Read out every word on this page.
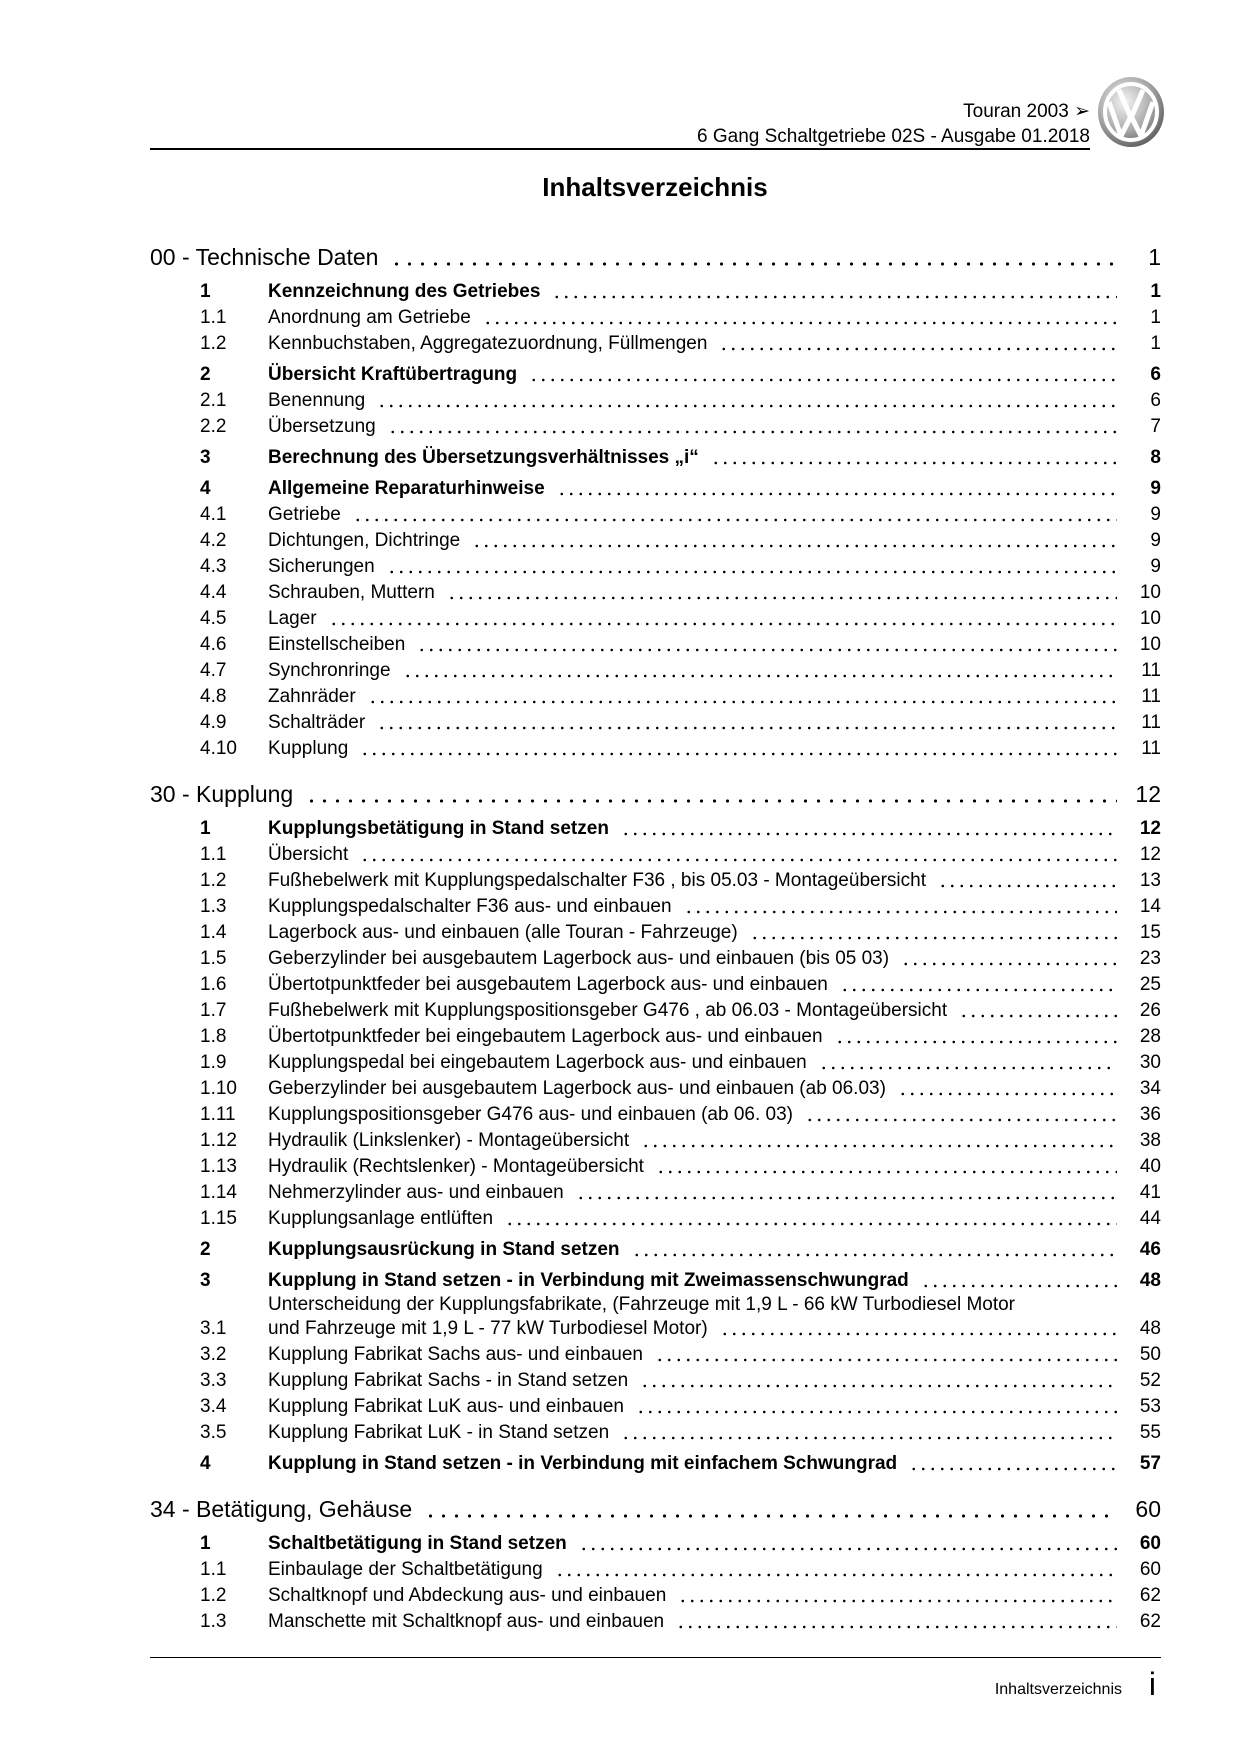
Touran 2003 ➢
6 Gang Schaltgetriebe 02S - Ausgabe 01.2018
Inhaltsverzeichnis
00 - Technische Daten	1
1	Kennzeichnung des Getriebes	1
1.1	Anordnung am Getriebe	1
1.2	Kennbuchstaben, Aggregatezuordnung, Füllmengen	1
2	Übersicht Kraftübertragung	6
2.1	Benennung	6
2.2	Übersetzung	7
3	Berechnung des Übersetzungsverhältnisses „i“	8
4	Allgemeine Reparaturhinweise	9
4.1	Getriebe	9
4.2	Dichtungen, Dichtringe	9
4.3	Sicherungen	9
4.4	Schrauben, Muttern	10
4.5	Lager	10
4.6	Einstellscheiben	10
4.7	Synchronringe	11
4.8	Zahnräder	11
4.9	Schalträder	11
4.10	Kupplung	11
30 - Kupplung	12
1	Kupplungsbetätigung in Stand setzen	12
1.1	Übersicht	12
1.2	Fußhebelwerk mit Kupplungspedalschalter F36 , bis 05.03 - Montageübersicht	13
1.3	Kupplungspedalschalter F36 aus- und einbauen	14
1.4	Lagerbock aus- und einbauen (alle Touran - Fahrzeuge)	15
1.5	Geberzylinder bei ausgebautem Lagerbock aus- und einbauen (bis 05 03)	23
1.6	Übertotpunktfeder bei ausgebautem Lagerbock aus- und einbauen	25
1.7	Fußhebelwerk mit Kupplungspositionsgeber G476 , ab 06.03 - Montageübersicht	26
1.8	Übertotpunktfeder bei eingebautem Lagerbock aus- und einbauen	28
1.9	Kupplungspedal bei eingebautem Lagerbock aus- und einbauen	30
1.10	Geberzylinder bei ausgebautem Lagerbock aus- und einbauen (ab 06.03)	34
1.11	Kupplungspositionsgeber G476 aus- und einbauen (ab 06. 03)	36
1.12	Hydraulik (Linkslenker) - Montageübersicht	38
1.13	Hydraulik (Rechtslenker) - Montageübersicht	40
1.14	Nehmerzylinder aus- und einbauen	41
1.15	Kupplungsanlage entlüften	44
2	Kupplungsausrückung in Stand setzen	46
3	Kupplung in Stand setzen - in Verbindung mit Zweimassenschwungrad	48
3.1
Unterscheidung der Kupplungsfabrikate, (Fahrzeuge mit 1,9 L - 66 kW Turbodiesel Motor
und Fahrzeuge mit 1,9 L - 77 kW Turbodiesel Motor)	48
3.2	Kupplung Fabrikat Sachs aus- und einbauen	50
3.3	Kupplung Fabrikat Sachs - in Stand setzen	52
3.4	Kupplung Fabrikat LuK aus- und einbauen	53
3.5	Kupplung Fabrikat LuK - in Stand setzen	55
4	Kupplung in Stand setzen - in Verbindung mit einfachem Schwungrad	57
34 - Betätigung, Gehäuse	60
1	Schaltbetätigung in Stand setzen	60
1.1	Einbaulage der Schaltbetätigung	60
1.2	Schaltknopf und Abdeckung aus- und einbauen	62
1.3	Manschette mit Schaltknopf aus- und einbauen	62
Inhaltsverzeichnis i
